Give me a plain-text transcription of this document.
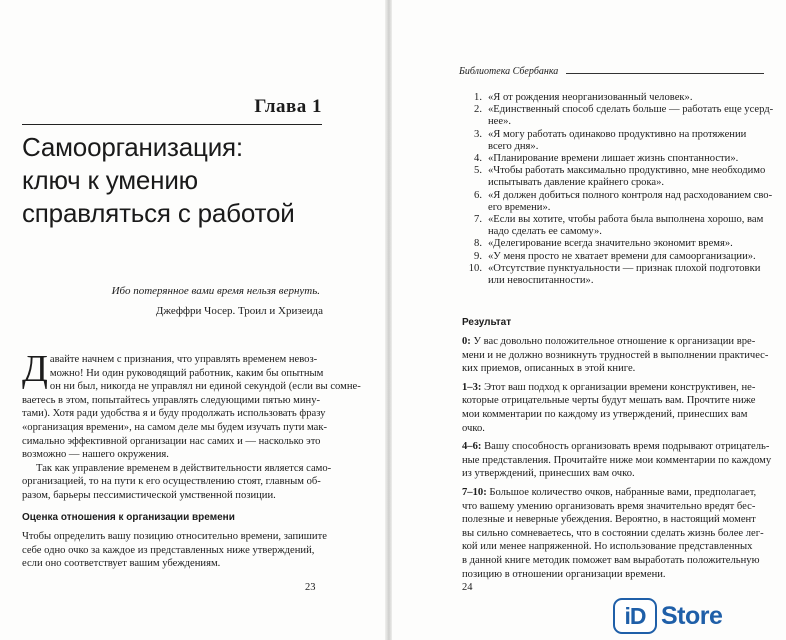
Глава 1
Самоорганизация:
ключ к умению
справляться с работой
Ибо потерянное вами время нельзя вернуть.
Джеффри Чосер. Троил и Хризеида
Д авайте начнем с признания, что управлять временем невоз-
можно! Ни один руководящий работник, каким бы опытным
он ни был, никогда не управлял ни единой секундой (если вы сомне-
ваетесь в этом, попытайтесь управлять следующими пятью мину-
тами). Хотя ради удобства я и буду продолжать использовать фразу
«организация времени», на самом деле мы будем изучать пути мак-
симально эффективной организации нас самих и — насколько это
возможно — нашего окружения.
Так как управление временем в действительности является само-
организацией, то на пути к его осуществлению стоят, главным об-
разом, барьеры пессимистической умственной позиции.
Оценка отношения к организации времени
Чтобы определить вашу позицию относительно времени, запишите
себе одно очко за каждое из представленных ниже утверждений,
если оно соответствует вашим убеждениям.
23
Библиотека Сбербанка
1. «Я от рождения неорганизованный человек».
2. «Единственный способ сделать больше — работать еще усерд-
нее».
3. «Я могу работать одинаково продуктивно на протяжении
всего дня».
4. «Планирование времени лишает жизнь спонтанности».
5. «Чтобы работать максимально продуктивно, мне необходимо
испытывать давление крайнего срока».
6. «Я должен добиться полного контроля над расходованием сво-
его времени».
7. «Если вы хотите, чтобы работа была выполнена хорошо, вам
надо сделать ее самому».
8. «Делегирование всегда значительно экономит время».
9. «У меня просто не хватает времени для самоорганизации».
10. «Отсутствие пунктуальности — признак плохой подготовки
или невоспитанности».
Результат
0: У вас довольно положительное отношение к организации вре-
мени и не должно возникнуть трудностей в выполнении практичес-
ких приемов, описанных в этой книге.
1–3: Этот ваш подход к организации времени конструктивен, не-
которые отрицательные черты будут мешать вам. Прочтите ниже
мои комментарии по каждому из утверждений, принесших вам
очко.
4–6: Вашу способность организовать время подрывают отрицатель-
ные представления. Прочитайте ниже мои комментарии по каждому
из утверждений, принесших вам очко.
7–10: Большое количество очков, набранные вами, предполагает,
что вашему умению организовать время значительно вредят бес-
полезные и неверные убеждения. Вероятно, в настоящий момент
вы сильно сомневаетесь, что в состоянии сделать жизнь более лег-
кой или менее напряженной. Но использование представленных
в данной книге методик поможет вам выработать положительную
позицию в отношении организации времени.
24
iD Store
